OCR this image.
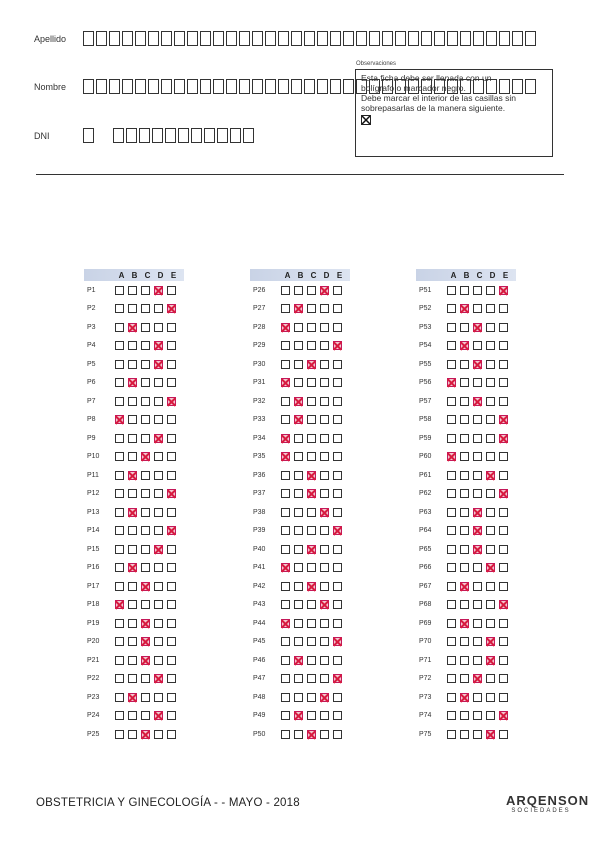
Apellido
Nombre
DNI
Observaciones
Esta ficha debe ser llenada con un
bolígrafo o marcador negro.
Debe marcar el interior de las casillas sin
sobrepasarlas de la manera siguiente.
A B C D E
P1
P2
P3
P4
P5
P6
P7
P8
P9
P10
P11
P12
P13
P14
P15
P16
P17
P18
P19
P20
P21
P22
P23
P24
P25
A B C D E
P26
P27
P28
P29
P30
P31
P32
P33
P34
P35
P36
P37
P38
P39
P40
P41
P42
P43
P44
P45
P46
P47
P48
P49
P50
A B C D E
P51
P52
P53
P54
P55
P56
P57
P58
P59
P60
P61
P62
P63
P64
P65
P66
P67
P68
P69
P70
P71
P72
P73
P74
P75
OBSTETRICIA Y GINECOLOGÍA - - MAYO - 2018	ARQENSON
SOCIEDADES
